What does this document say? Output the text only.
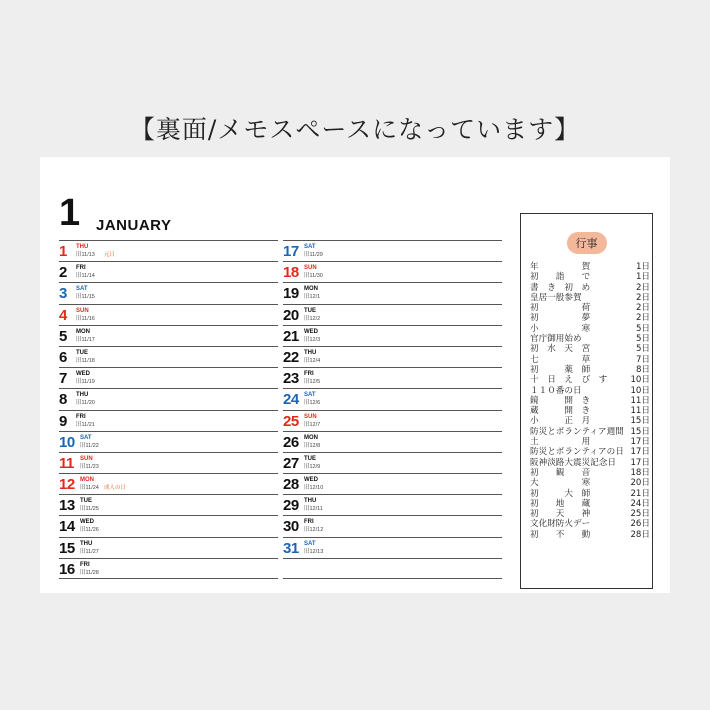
【裏面/メモスペースになっています】
1 JANUARY
1 THU
旧11/13 元日
2 FRI
旧11/14
3 SAT
旧11/15
4 SUN
旧11/16
5 MON
旧11/17
6 TUE
旧11/18
7 WED
旧11/19
8 THU
旧11/20
9 FRI
旧11/21
10 SAT
旧11/22
11 SUN
旧11/23
12 MON
旧11/24 成人の日
13 TUE
旧11/25
14 WED
旧11/26
15 THU
旧11/27
16 FRI
旧11/28
17 SAT
旧11/29
18 SUN
旧11/30
19 MON
旧12/1
20 TUE
旧12/2
21 WED
旧12/3
22 THU
旧12/4
23 FRI
旧12/5
24 SAT
旧12/6
25 SUN
旧12/7
26 MON
旧12/8
27 TUE
旧12/9
28 WED
旧12/10
29 THU
旧12/11
30 FRI
旧12/12
31 SAT
旧12/13
行事
年　　　　　賀	1日
初　　詣　　で	1日
書　き　初　め	2日
皇居一般参賀	2日
初　　　　　荷	2日
初　　　　　夢	2日
小　　　　　寒	5日
官庁御用始め	5日
初　水　天　宮	5日
七　　　　　草	7日
初　　　薬　師	8日
十　日　え　び　す	10日
１１０番の日	10日
鏡　　　開　き	11日
蔵　　　開　き	11日
小　　　正　月	15日
防災とボランティア週間 15日
土　　　　　用	17日
防災とボランティアの日 17日
阪神淡路大震災記念日	17日
初　　観　　音	18日
大　　　　　寒	20日
初　　　大　師	21日
初　　地　　蔵	24日
初　　天　　神	25日
文化財防火デー	26日
初　　不　　動	28日
